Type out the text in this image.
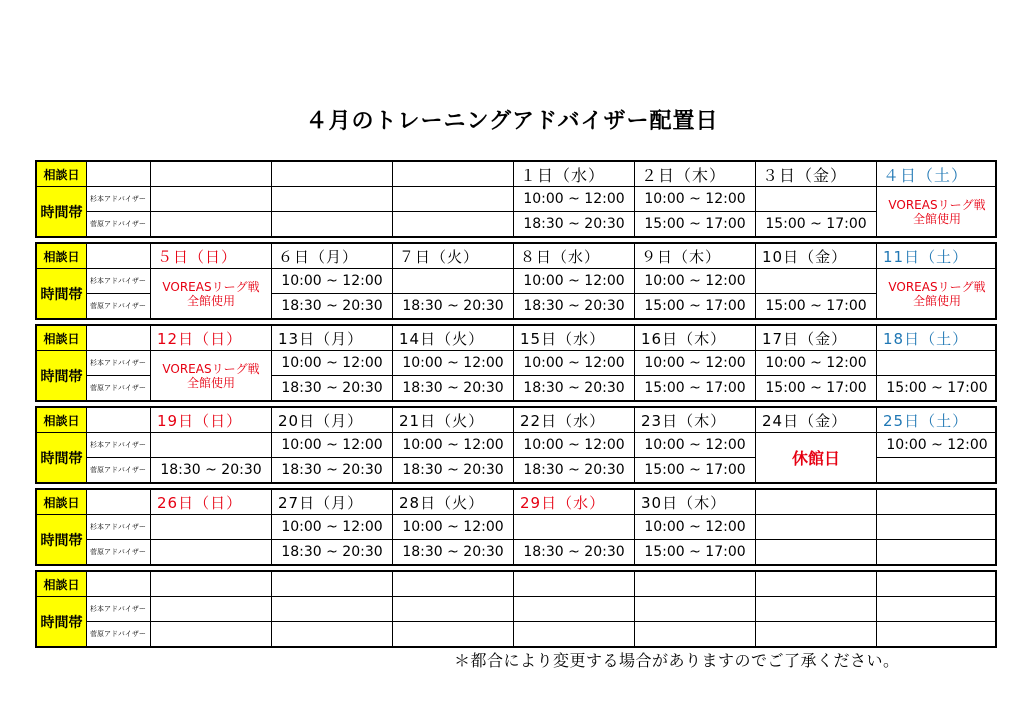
４月のトレーニングアドバイザー配置日
相談日
時間帯
杉本アドバイザー
菅原アドバイザー
１日（水）
10:00 ~ 12:00
18:30 ~ 20:30
２日（木）
10:00 ~ 12:00
15:00 ~ 17:00
３日（金）
15:00 ~ 17:00
４日（土）
VOREASリーグ戦
全館使用
相談日
時間帯
杉本アドバイザー
菅原アドバイザー
５日（日）
VOREASリーグ戦
全館使用
６日（月）
10:00 ~ 12:00
18:30 ~ 20:30
７日（火）
18:30 ~ 20:30
８日（水）
10:00 ~ 12:00
18:30 ~ 20:30
９日（木）
10:00 ~ 12:00
15:00 ~ 17:00
10日（金）
15:00 ~ 17:00
11日（土）
VOREASリーグ戦
全館使用
相談日
時間帯
杉本アドバイザー
菅原アドバイザー
12日（日）
VOREASリーグ戦
全館使用
13日（月）
10:00 ~ 12:00
18:30 ~ 20:30
14日（火）
10:00 ~ 12:00
18:30 ~ 20:30
15日（水）
10:00 ~ 12:00
18:30 ~ 20:30
16日（木）
10:00 ~ 12:00
15:00 ~ 17:00
17日（金）
10:00 ~ 12:00
15:00 ~ 17:00
18日（土）
15:00 ~ 17:00
相談日
時間帯
杉本アドバイザー
菅原アドバイザー
19日（日）
18:30 ~ 20:30
20日（月）
10:00 ~ 12:00
18:30 ~ 20:30
21日（火）
10:00 ~ 12:00
18:30 ~ 20:30
22日（水）
10:00 ~ 12:00
18:30 ~ 20:30
23日（木）
10:00 ~ 12:00
15:00 ~ 17:00
24日（金）
休館日
25日（土）
10:00 ~ 12:00
相談日
時間帯
杉本アドバイザー
菅原アドバイザー
26日（日）	27日（月）
10:00 ~ 12:00
18:30 ~ 20:30
28日（火）
10:00 ~ 12:00
18:30 ~ 20:30
29日（水）
18:30 ~ 20:30
30日（木）
10:00 ~ 12:00
15:00 ~ 17:00
相談日
時間帯
杉本アドバイザー
菅原アドバイザー
＊都合により変更する場合がありますのでご了承ください。
